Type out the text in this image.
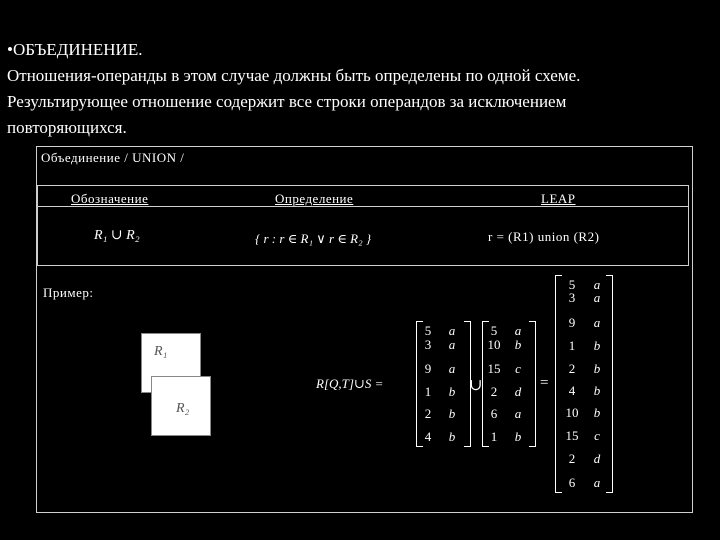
•ОБЪЕДИНЕНИЕ.
Отношения-операнды в этом случае должны быть определены по одной схеме.
Результирующее отношение содержит все строки операндов за исключением
повторяющихся.
Объединение / UNION /
Обозначение	Определение	LEAP
R₁ ∪ R₂	{ r : r ∈ R₁ ∨ r ∈ R₂ }	r = (R1) union (R2)
Пример:
R₁
R₂
R[Q,T]∪S =
5	a
3	a
9	a
1	b
2	b
4	b
∪
5	a
10	b
15	c
2	d
6	a
1	b
=
5	a
3	a
9	a
1	b
2	b
4	b
10	b
15	c
2	d
6	a
